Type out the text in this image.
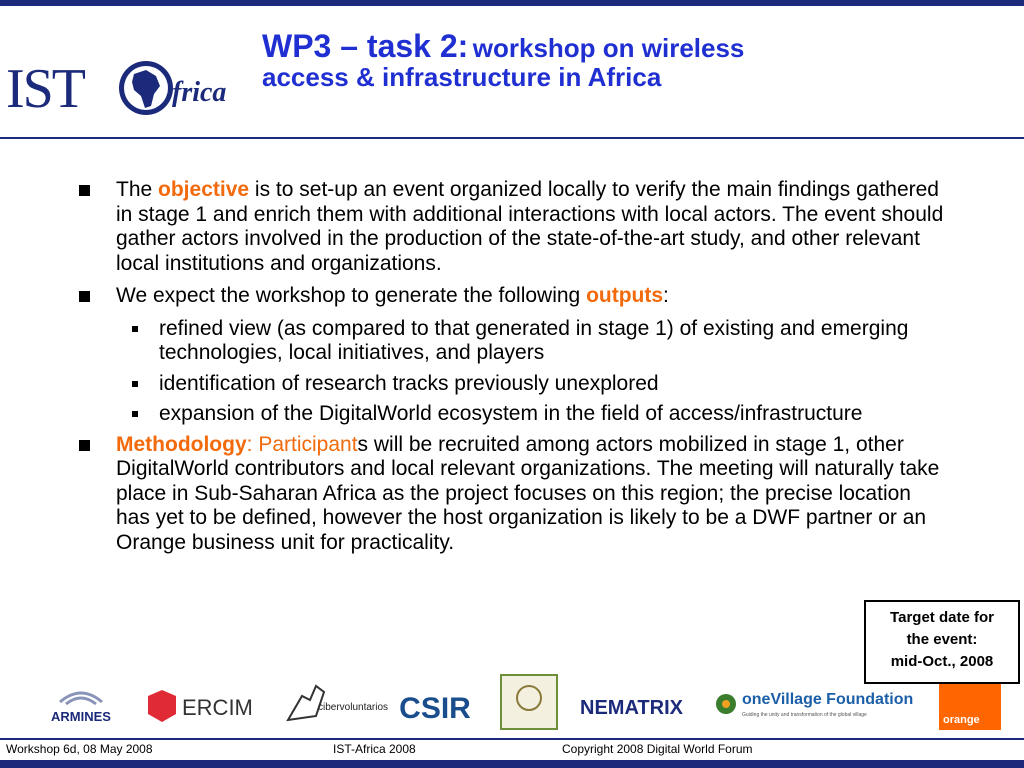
IST	frica
WP3 – task 2: workshop on wireless
access & infrastructure in Africa
The objective is to set-up an event organized locally to verify the main findings gathered in stage 1 and enrich them with additional interactions with local actors. The event should gather actors involved in the production of the state-of-the-art study, and other relevant local institutions and organizations.
We expect the workshop to generate the following outputs:
refined view (as compared to that generated in stage 1) of existing and emerging technologies, local initiatives, and players
identification of research tracks previously unexplored
expansion of the DigitalWorld ecosystem in the field of access/infrastructure
Methodology: Participants will be recruited among actors mobilized in stage 1, other DigitalWorld contributors and local relevant organizations. The meeting will naturally take place in Sub-Saharan Africa as the project focuses on this region; the precise location has yet to be defined, however the host organization is likely to be a DWF partner or an Orange business unit for practicality.
ARMINES	ERCIM	cibervoluntarios CSIR	NEMATRIX	oneVillage Foundation
Guiding the unity and transformation of the global village	orange
Target date for
the event:
mid-Oct., 2008
Workshop 6d, 08 May 2008	IST-Africa 2008	Copyright 2008 Digital World Forum
